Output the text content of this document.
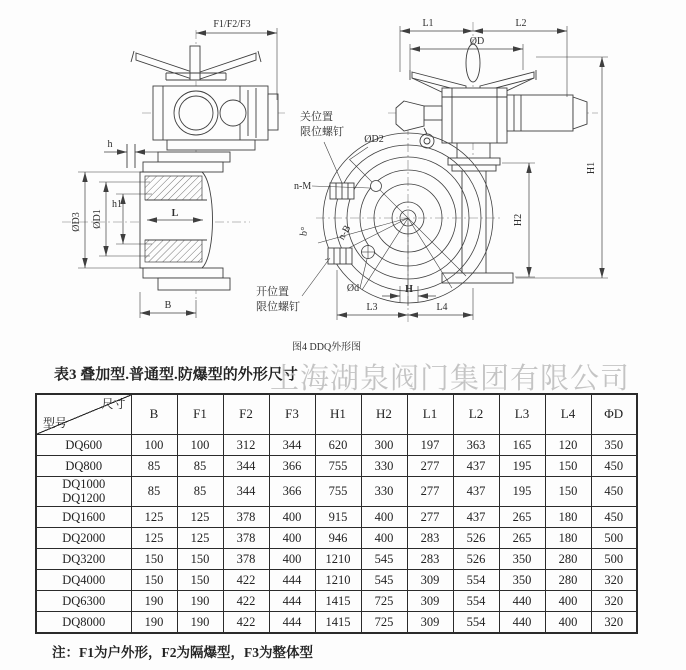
F1/F2/F3
h
ØD3 ØD1
h1
L
B
L1	L2
ØD
ØD2
关位置
限位螺钉
开位置
限位螺钉
n-M
b°	n-B
Ød	H
L3	L4
H1
H2
图4 DDQ外形图
上海湖泉阀门集团有限公司
表3 叠加型.普通型.防爆型的外形尺寸
尺寸
型号	B	F1	F2	F3	H1	H2	L1	L2	L3	L4	ΦD
DQ600	100	100	312	344	620	300	197	363	165	120	350
DQ800	85	85	344	366	755	330	277	437	195	150	450

DQ1000
DQ1200	85	85	344	366	755	330	277	437	195	150	450
DQ1600	125	125	378	400	915	400	277	437	265	180	450
DQ2000	125	125	378	400	946	400	283	526	265	180	500
DQ3200	150	150	378	400	1210	545	283	526	350	280	500
DQ4000	150	150	422	444	1210	545	309	554	350	280	320
DQ6300	190	190	422	444	1415	725	309	554	440	400	320
DQ8000	190	190	422	444	1415	725	309	554	440	400	320
注：F1为户外形，F2为隔爆型，F3为整体型
